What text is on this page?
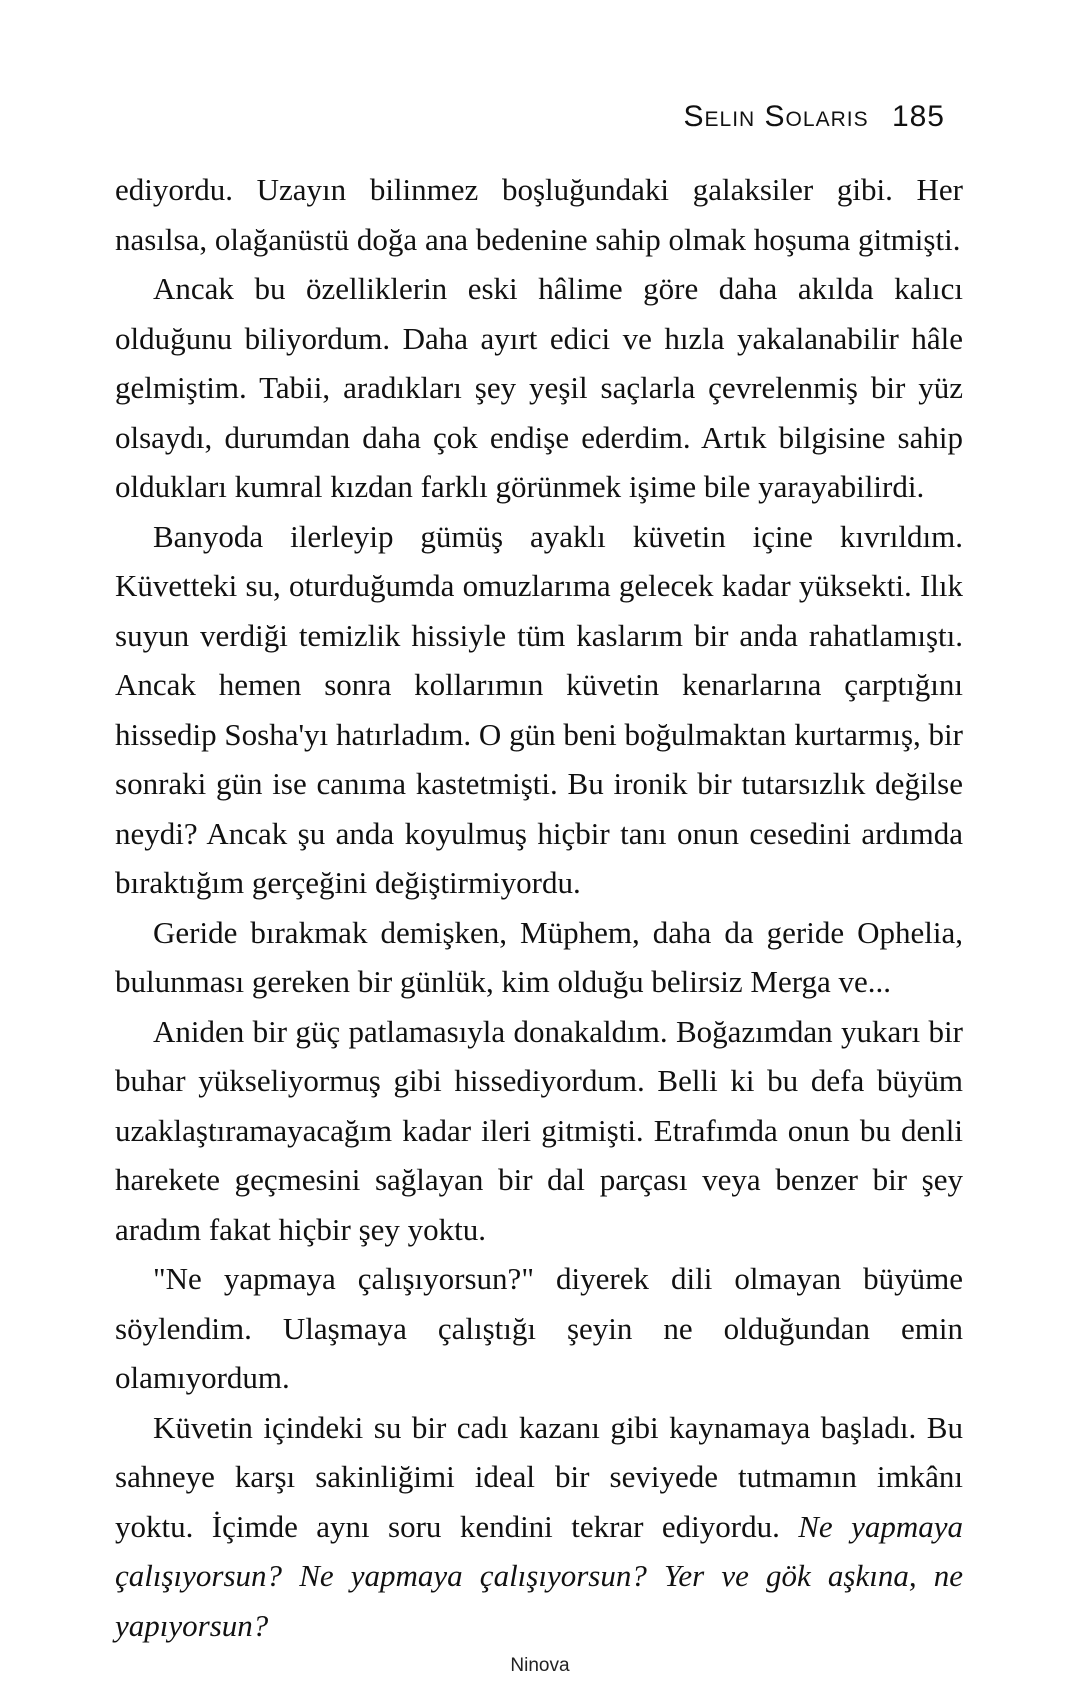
Selin Solaris 185

ediyordu. Uzayın bilinmez boşluğundaki galaksiler gibi. Her nasılsa, olağanüstü doğa ana bedenine sahip olmak hoşuma gitmişti.

Ancak bu özelliklerin eski hâlime göre daha akılda kalıcı olduğunu biliyordum. Daha ayırt edici ve hızla yakalanabilir hâle gelmiştim. Tabii, aradıkları şey yeşil saçlarla çevrelenmiş bir yüz olsaydı, durumdan daha çok endişe ederdim. Artık bilgisine sahip oldukları kumral kızdan farklı görünmek işime bile yarayabilirdi.

Banyoda ilerleyip gümüş ayaklı küvetin içine kıvrıldım. Küvetteki su, oturduğumda omuzlarıma gelecek kadar yüksekti. Ilık suyun verdiği temizlik hissiyle tüm kaslarım bir anda rahatlamıştı. Ancak hemen sonra kollarımın küvetin kenarlarına çarptığını hissedip Sosha'yı hatırladım. O gün beni boğulmaktan kurtarmış, bir sonraki gün ise canıma kastetmişti. Bu ironik bir tutarsızlık değilse neydi? Ancak şu anda koyulmuş hiçbir tanı onun cesedini ardımda bıraktığım gerçeğini değiştirmiyordu.

Geride bırakmak demişken, Müphem, daha da geride Ophelia, bulunması gereken bir günlük, kim olduğu belirsiz Merga ve...

Aniden bir güç patlamasıyla donakaldım. Boğazımdan yukarı bir buhar yükseliyormuş gibi hissediyordum. Belli ki bu defa büyüm uzaklaştıramayacağım kadar ileri gitmişti. Etrafımda onun bu denli harekete geçmesini sağlayan bir dal parçası veya benzer bir şey aradım fakat hiçbir şey yoktu.

"Ne yapmaya çalışıyorsun?" diyerek dili olmayan büyüme söylendim. Ulaşmaya çalıştığı şeyin ne olduğundan emin olamıyordum.

Küvetin içindeki su bir cadı kazanı gibi kaynamaya başladı. Bu sahneye karşı sakinliğimi ideal bir seviyede tutmamın imkânı yoktu. İçimde aynı soru kendini tekrar ediyordu. Ne yapmaya çalışıyorsun? Ne yapmaya çalışıyorsun? Yer ve gök aşkına, ne yapıyorsun?

Ninova
